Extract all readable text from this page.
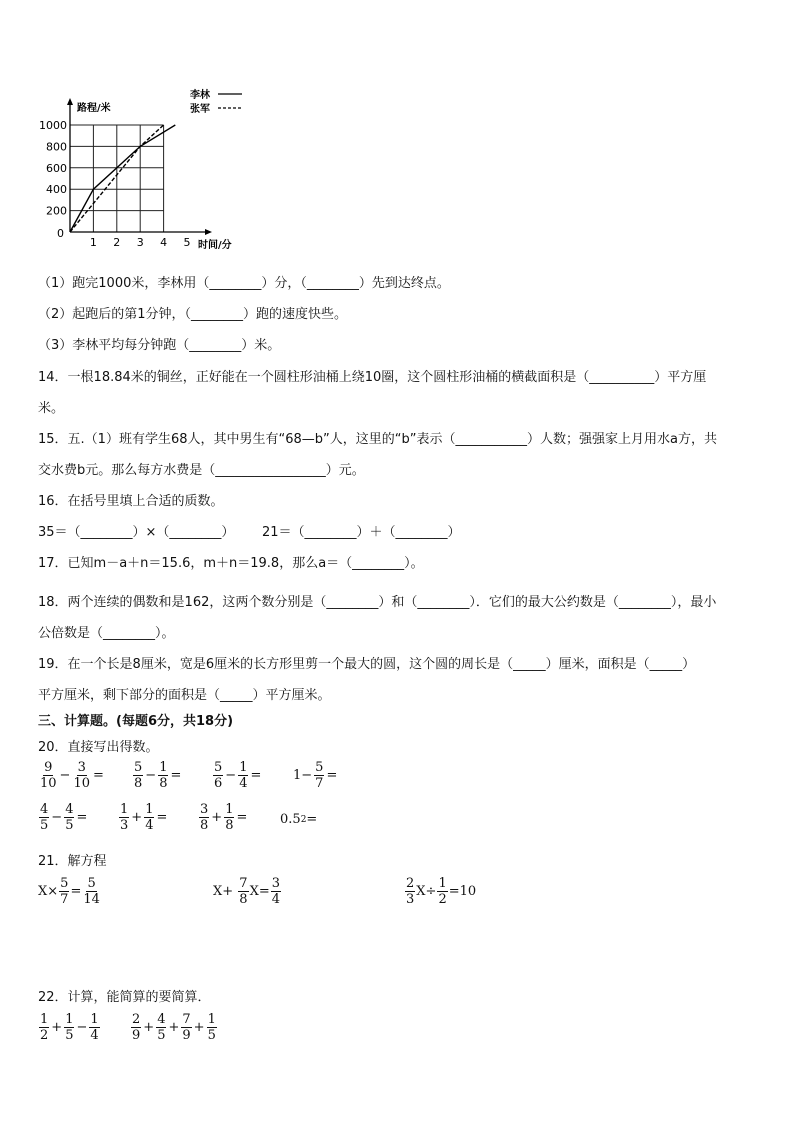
0
1 2 3 4 5
200
400
600
800
1000
路程/米
时间/分
李林
张军
（1）跑完1000米，李林用（________）分，（________）先到达终点。
（2）起跑后的第1分钟，（________）跑的速度快些。
（3）李林平均每分钟跑（________）米。
14．一根18.84米的铜丝，正好能在一个圆柱形油桶上绕10圈，这个圆柱形油桶的横截面积是（__________）平方厘
米。
15．五.（1）班有学生68人，其中男生有“68—b”人，这里的“b”表示（___________）人数；强强家上月用水a方，共
交水费b元。那么每方水费是（_________________）元。
16．在括号里填上合适的质数。
35＝（________）×（________） 21＝（________）＋（________）
17．已知m－a＋n＝15.6，m＋n＝19.8，那么a＝（________）。
18．两个连续的偶数和是162，这两个数分别是（________）和（________）．它们的最大公约数是（________），最小
公倍数是（________）。
19．在一个长是8厘米，宽是6厘米的长方形里剪一个最大的圆，这个圆的周长是（_____）厘米，面积是（_____）
平方厘米，剩下部分的面积是（_____）平方厘米。
三、计算题。(每题6分，共18分)
20．直接写出得数。
$\frac{9}{10} - \frac{3}{10} = \frac{5}{8} - \frac{1}{8} = \frac{5}{6} - \frac{1}{4} = 1- \frac{5}{7}$ =
$\frac{4}{5} - \frac{4}{5} = \frac{1}{3} + \frac{1}{4} = \frac{3}{8} + \frac{1}{8}$ =	0.5 2 =
21．解方程
$X\times \frac{5}{7} = \frac{5}{14}$	$X+ \frac{7}{8} X= \frac{3}{4}$	$\frac{2}{3} X\div \frac{1}{2} =10$
22．计算，能简算的要简算．
$\frac{1}{2} + \frac{1}{5} - \frac{1}{4} \frac{2}{9} + \frac{4}{5} + \frac{7}{9} + \frac{1}{5}$
